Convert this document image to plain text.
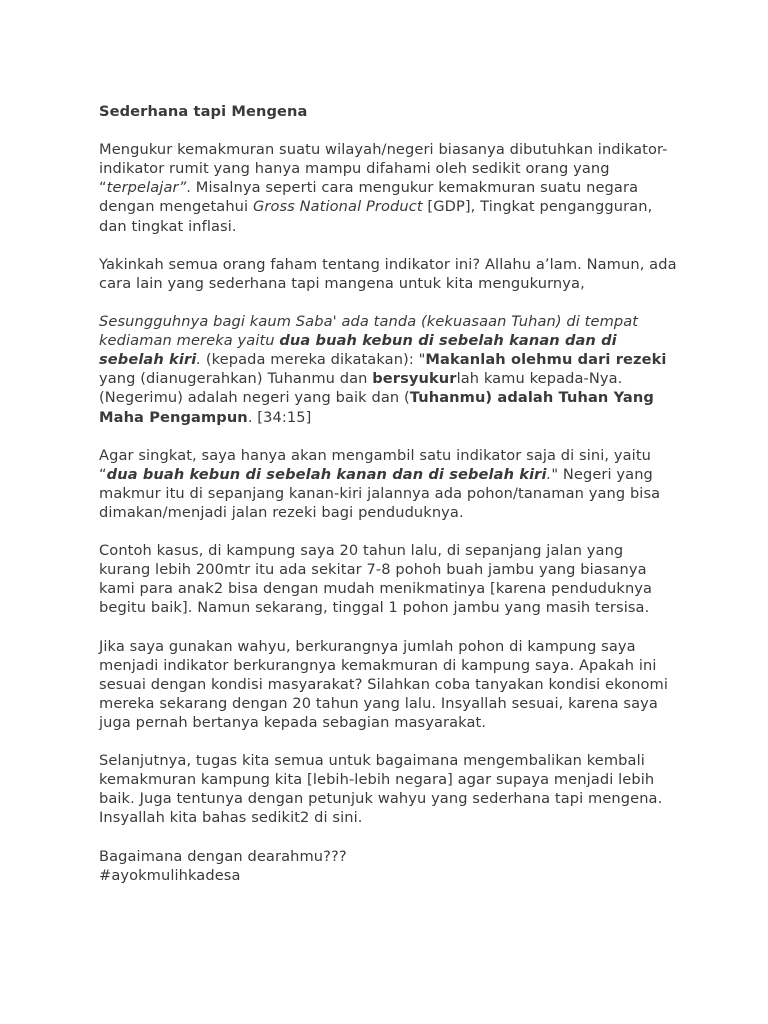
Sederhana tapi Mengena

Mengukur kemakmuran suatu wilayah/negeri biasanya dibutuhkan indikator-indikator rumit yang hanya mampu difahami oleh sedikit orang yang “terpelajar”. Misalnya seperti cara mengukur kemakmuran suatu negara dengan mengetahui Gross National Product [GDP], Tingkat pengangguran, dan tingkat inflasi.

Yakinkah semua orang faham tentang indikator ini? Allahu a’lam. Namun, ada cara lain yang sederhana tapi mangena untuk kita mengukurnya,

Sesungguhnya bagi kaum Saba' ada tanda (kekuasaan Tuhan) di tempat kediaman mereka yaitu dua buah kebun di sebelah kanan dan di sebelah kiri. (kepada mereka dikatakan): "Makanlah olehmu dari rezeki yang (dianugerahkan) Tuhanmu dan bersyukurlah kamu kepada-Nya. (Negerimu) adalah negeri yang baik dan (Tuhanmu) adalah Tuhan Yang Maha Pengampun. [34:15]

Agar singkat, saya hanya akan mengambil satu indikator saja di sini, yaitu “dua buah kebun di sebelah kanan dan di sebelah kiri." Negeri yang makmur itu di sepanjang kanan-kiri jalannya ada pohon/tanaman yang bisa dimakan/menjadi jalan rezeki bagi penduduknya.

Contoh kasus, di kampung saya 20 tahun lalu, di sepanjang jalan yang kurang lebih 200mtr itu ada sekitar 7-8 pohoh buah jambu yang biasanya kami para anak2 bisa dengan mudah menikmatinya [karena penduduknya begitu baik]. Namun sekarang, tinggal 1 pohon jambu yang masih tersisa.

Jika saya gunakan wahyu, berkurangnya jumlah pohon di kampung saya menjadi indikator berkurangnya kemakmuran di kampung saya. Apakah ini sesuai dengan kondisi masyarakat? Silahkan coba tanyakan kondisi ekonomi mereka sekarang dengan 20 tahun yang lalu. Insyallah sesuai, karena saya juga pernah bertanya kepada sebagian masyarakat.

Selanjutnya, tugas kita semua untuk bagaimana mengembalikan kembali kemakmuran kampung kita [lebih-lebih negara] agar supaya menjadi lebih baik. Juga tentunya dengan petunjuk wahyu yang sederhana tapi mengena. Insyallah kita bahas sedikit2 di sini.

Bagaimana dengan dearahmu???

#ayokmulihkadesa
